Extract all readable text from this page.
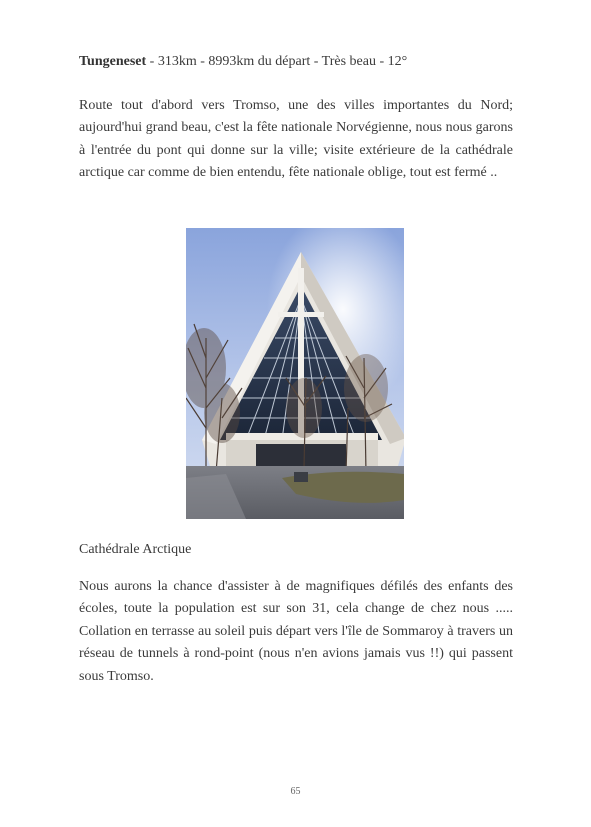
Tungeneset - 313km - 8993km du départ - Très beau - 12°
Route tout d'abord vers Tromso, une des villes importantes du Nord; aujourd'hui grand beau, c'est la fête nationale Norvégienne, nous nous garons à l'entrée du pont qui donne sur la ville; visite extérieure de la cathédrale arctique car comme de bien entendu, fête nationale oblige, tout est fermé ..
Cathédrale Arctique
Nous aurons la chance d'assister à de magnifiques défilés des enfants des écoles, toute la population est sur son 31, cela change de chez nous ..... Collation en terrasse au soleil puis départ vers l'île de Sommaroy à travers un réseau de tunnels à rond-point (nous n'en avions jamais vus !!) qui passent sous Tromso.
65
